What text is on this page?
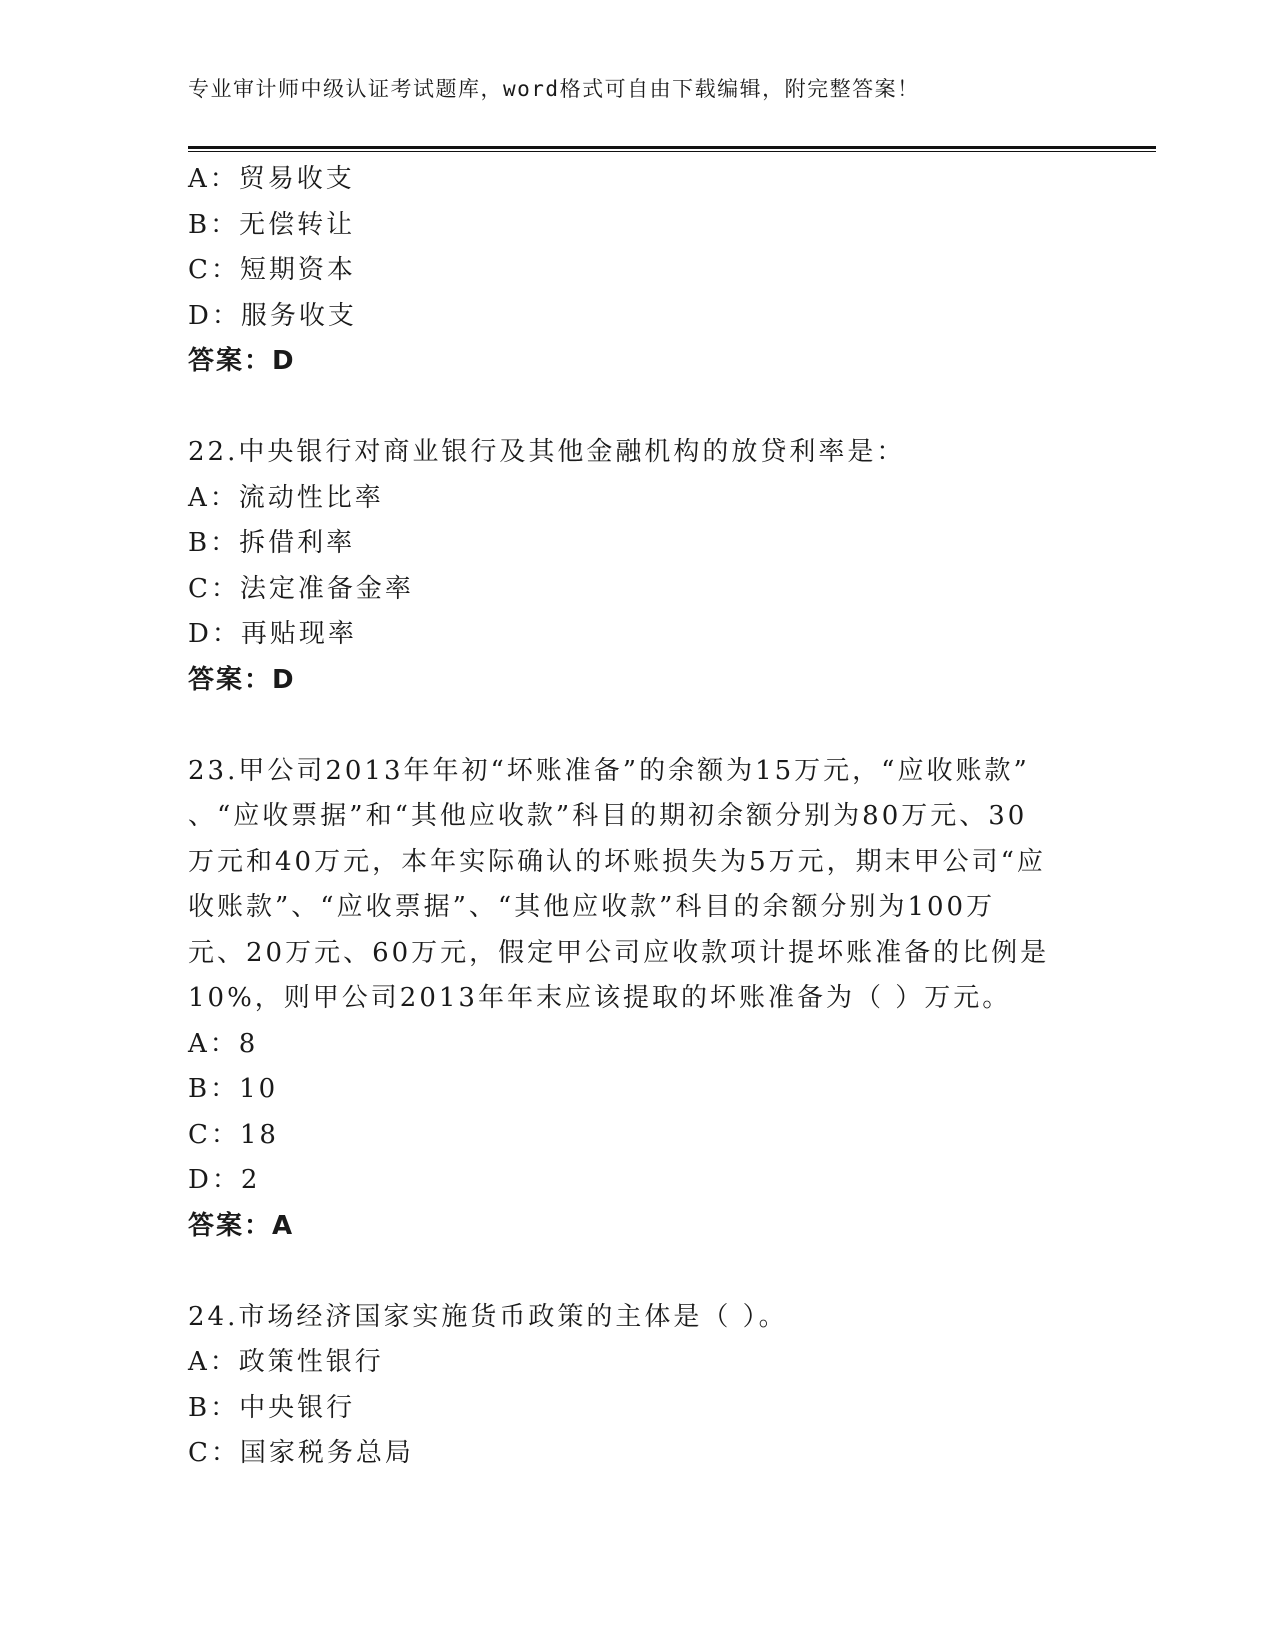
专业审计师中级认证考试题库，word格式可自由下载编辑，附完整答案！
A：贸易收支
B：无偿转让
C：短期资本
D：服务收支
答案：D
22.中央银行对商业银行及其他金融机构的放贷利率是：
A：流动性比率
B：拆借利率
C：法定准备金率
D：再贴现率
答案：D
23.甲公司2013年年初“坏账准备”的余额为15万元，“应收账款”
、“应收票据”和“其他应收款”科目的期初余额分别为80万元、30
万元和40万元，本年实际确认的坏账损失为5万元，期末甲公司“应
收账款”、“应收票据”、“其他应收款”科目的余额分别为100万
元、20万元、60万元，假定甲公司应收款项计提坏账准备的比例是
10%，则甲公司2013年年末应该提取的坏账准备为（ ）万元。
A：8
B：10
C：18
D：2
答案：A
24.市场经济国家实施货币政策的主体是（ ）。
A：政策性银行
B：中央银行
C：国家税务总局
